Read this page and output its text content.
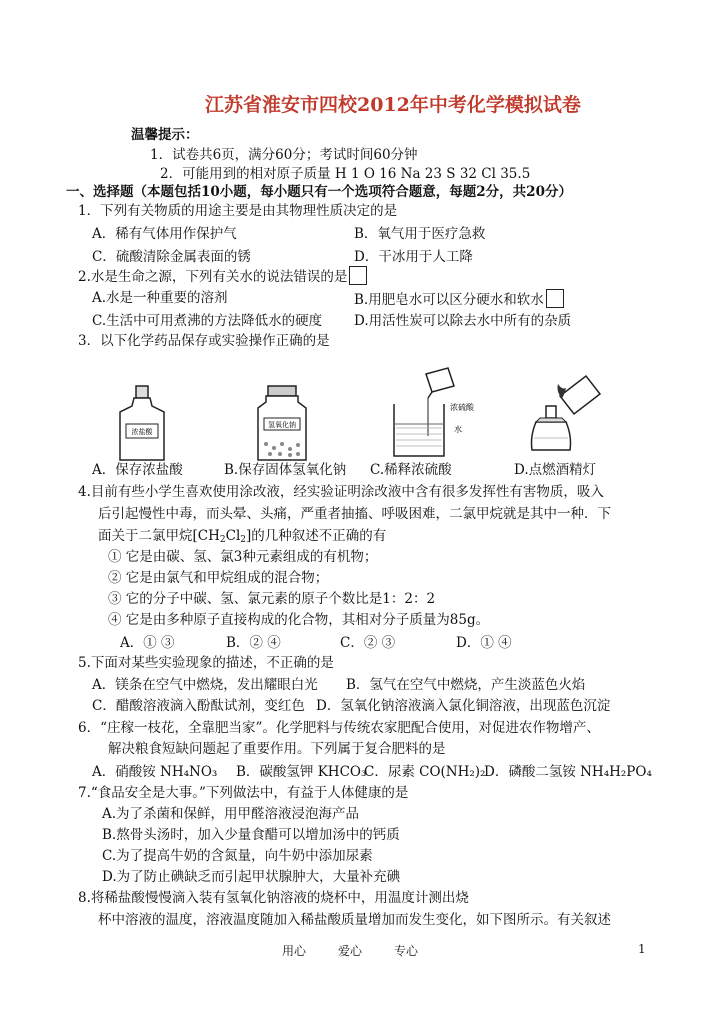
江苏省淮安市四校2012年中考化学模拟试卷
温馨提示：
1．试卷共6页，满分60分；考试时间60分钟
2．可能用到的相对原子质量 H 1 O 16 Na 23 S 32 Cl 35.5
一、选择题（本题包括10小题，每小题只有一个选项符合题意，每题2分，共20分）
1．下列有关物质的用途主要是由其物理性质决定的是
A．稀有气体用作保护气	B．氧气用于医疗急救
C．硫酸清除金属表面的锈	D．干冰用于人工降
2.水是生命之源，下列有关水的说法错误的是
A.水是一种重要的溶剂	B.用肥皂水可以区分硬水和软水
C.生活中可用煮沸的方法降低水的硬度 D.用活性炭可以除去水中所有的杂质
3．以下化学药品保存或实验操作正确的是
浓盐酸
氢氧化钠
浓硫酸
水
A．保存浓盐酸	B.保存固体氢氧化钠 C.稀释浓硫酸	D.点燃酒精灯
4.目前有些小学生喜欢使用涂改液，经实验证明涂改液中含有很多发挥性有害物质，吸入
后引起慢性中毒，而头晕、头痛，严重者抽搐、呼吸困难，二氯甲烷就是其中一种．下
面关于二氯甲烷$[CH_2Cl_2]$的几种叙述不正确的有
① 它是由碳、氢、氯3种元素组成的有机物；
② 它是由氯气和甲烷组成的混合物；
③ 它的分子中碳、氢、氯元素的原子个数比是1：2：2
④ 它是由多种原子直接构成的化合物，其相对分子质量为85g。
A．① ③	B．② ④	C．② ③	D．① ④
5.下面对某些实验现象的描述，不正确的是
A．镁条在空气中燃烧，发出耀眼白光 B．氢气在空气中燃烧，产生淡蓝色火焰
C．醋酸溶液滴入酚酞试剂，变红色 D．氢氧化钠溶液滴入氯化铜溶液，出现蓝色沉淀
6．“庄稼一枝花，全靠肥当家”。化学肥料与传统农家肥配合使用，对促进农作物增产、
解决粮食短缺问题起了重要作用。下列属于复合肥料的是
A．硝酸铵 NH₄NO₃ B．碳酸氢钾 KHCO₃
C．尿素 CO(NH₂)₂
D．磷酸二氢铵 NH₄H₂PO₄
7.“食品安全是大事。”下列做法中，有益于人体健康的是
A.为了杀菌和保鲜，用甲醛溶液浸泡海产品
B.熬骨头汤时，加入少量食醋可以增加汤中的钙质
C.为了提高牛奶的含氮量，向牛奶中添加尿素
D.为了防止碘缺乏而引起甲状腺肿大，大量补充碘
8.将稀盐酸慢慢滴入装有氢氧化钠溶液的烧杯中，用温度计测出烧
杯中溶液的温度，溶液温度随加入稀盐酸质量增加而发生变化，如下图所示。有关叙述
用心	爱心	专心	1
